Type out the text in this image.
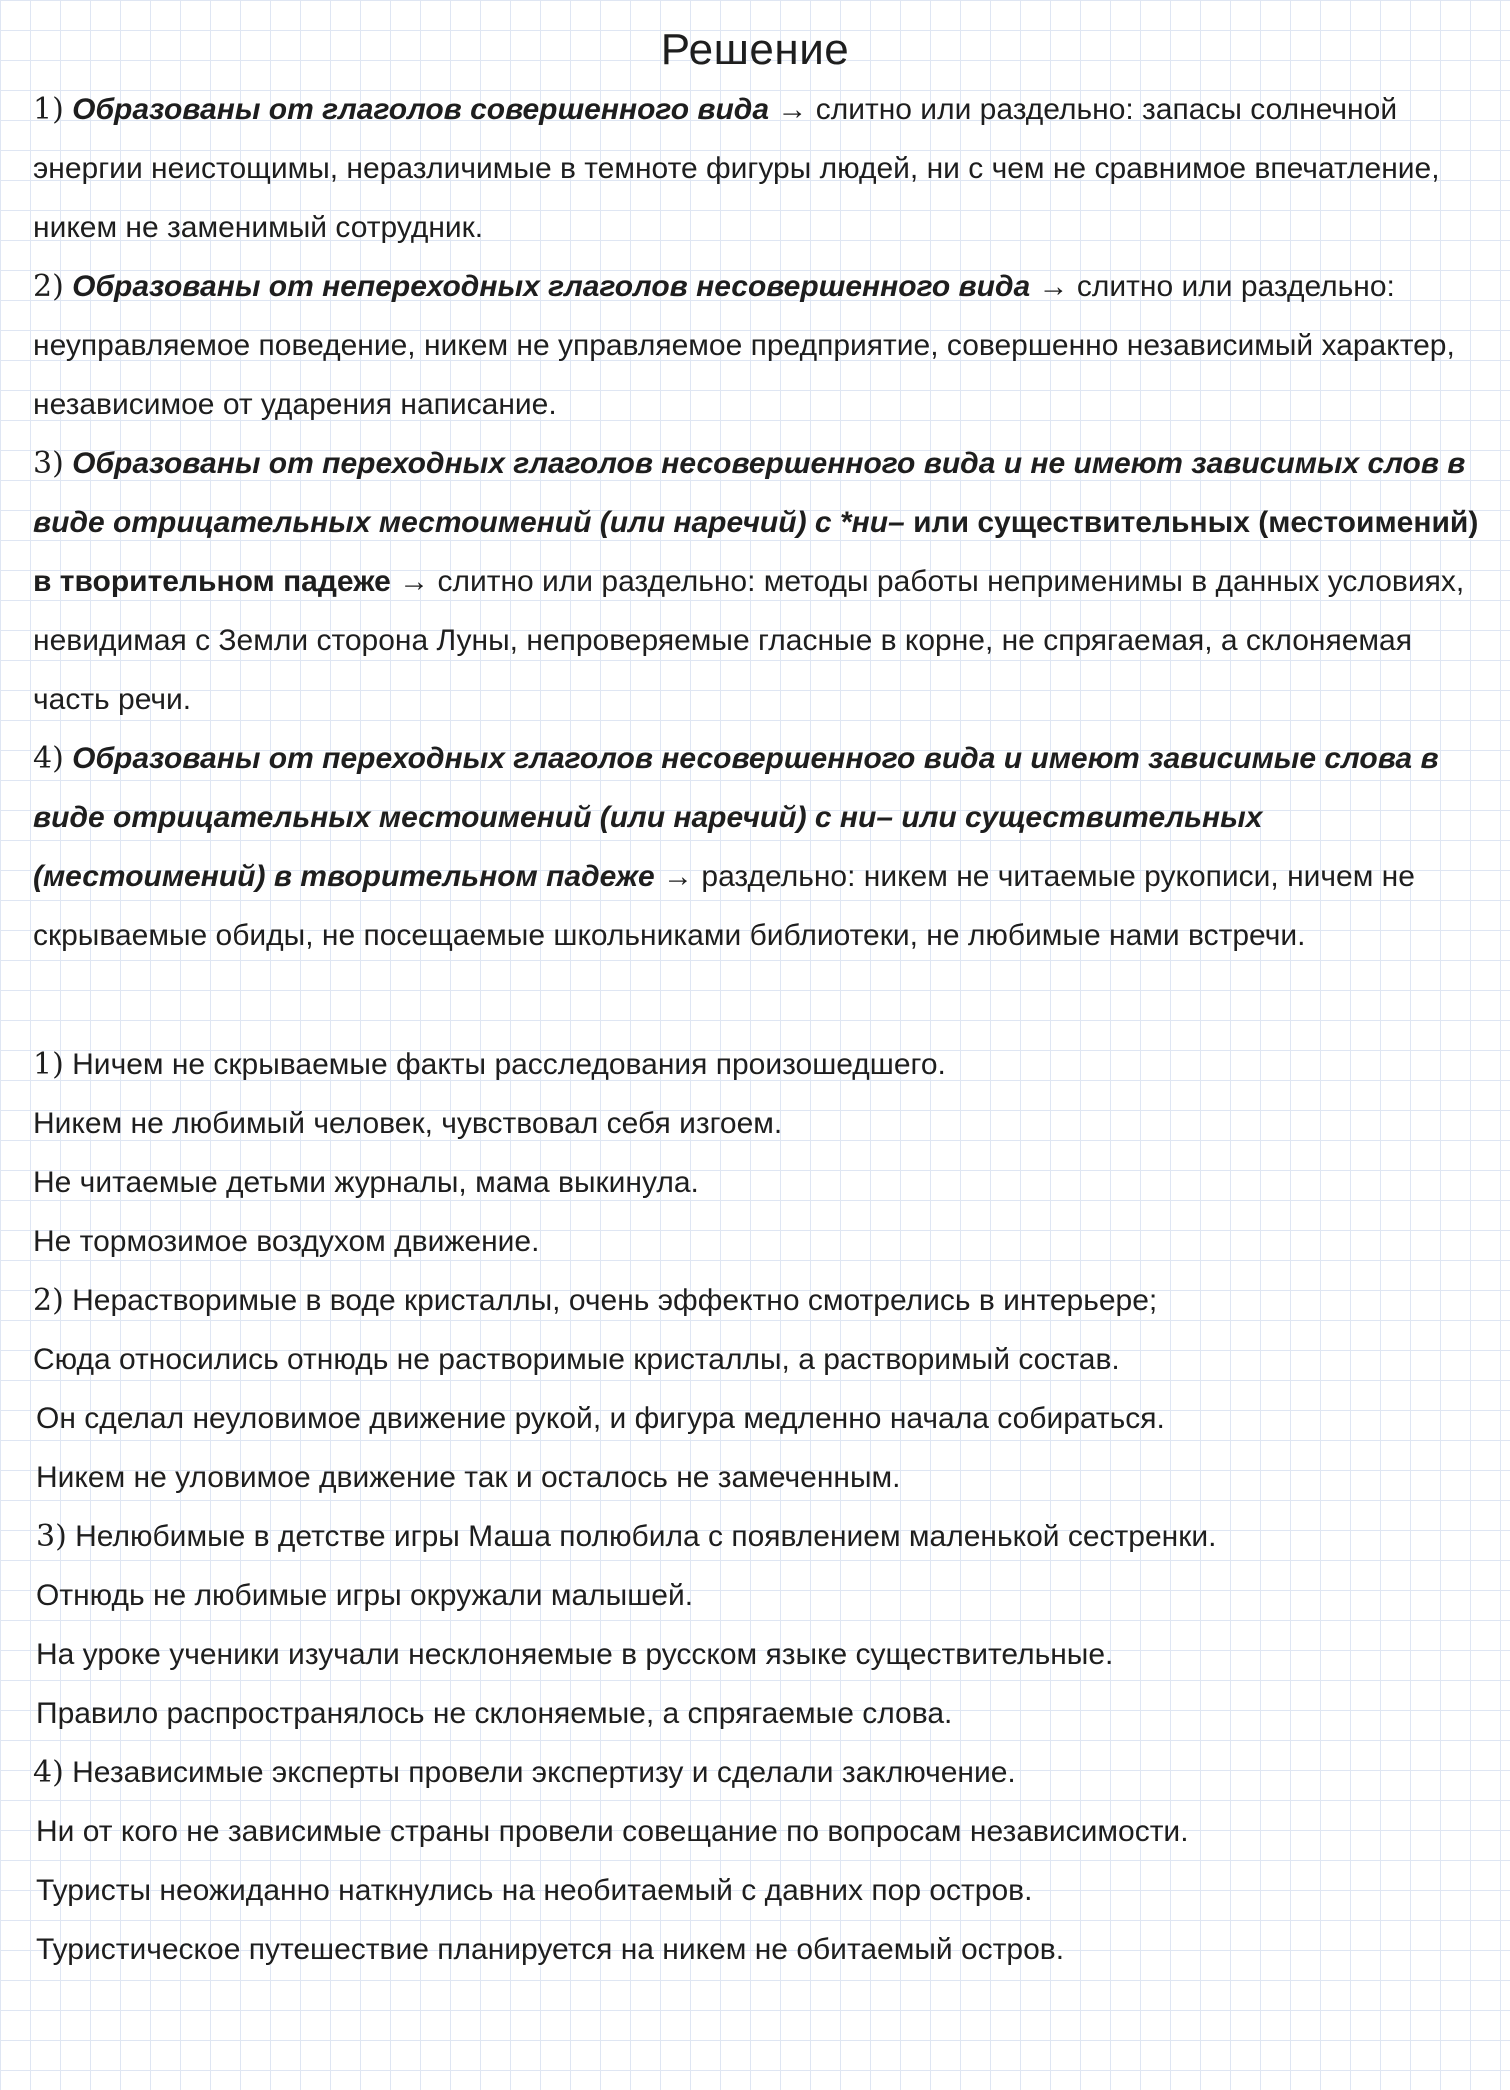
Решение

1) Образованы от глаголов совершенного вида → слитно или раздельно: запасы солнечной энергии неистощимы, неразличимые в темноте фигуры людей, ни с чем не сравнимое впечатление, никем не заменимый сотрудник.

2) Образованы от непереходных глаголов несовершенного вида → слитно или раздельно: неуправляемое поведение, никем не управляемое предприятие, совершенно независимый характер, независимое от ударения написание.

3) Образованы от переходных глаголов несовершенного вида и не имеют зависимых слов в виде отрицательных местоимений (или наречий) с *ни– или существительных (местоимений) в творительном падеже → слитно или раздельно: методы работы неприменимы в данных условиях, невидимая с Земли сторона Луны, непроверяемые гласные в корне, не спрягаемая, а склоняемая часть речи.

4) Образованы от переходных глаголов несовершенного вида и имеют зависимые слова в виде отрицательных местоимений (или наречий) с ни– или существительных (местоимений) в творительном падеже → раздельно: никем не читаемые рукописи, ничем не скрываемые обиды, не посещаемые школьниками библиотеки, не любимые нами встречи.

1) Ничем не скрываемые факты расследования произошедшего.

Никем не любимый человек, чувствовал себя изгоем.

Не читаемые детьми журналы, мама выкинула.

Не тормозимое воздухом движение.

2) Нерастворимые в воде кристаллы, очень эффектно смотрелись в интерьере;

Сюда относились отнюдь не растворимые кристаллы, а растворимый состав.

Он сделал неуловимое движение рукой, и фигура медленно начала собираться.

Никем не уловимое движение так и осталось не замеченным.

3) Нелюбимые в детстве игры Маша полюбила с появлением маленькой сестренки.

Отнюдь не любимые игры окружали малышей.

На уроке ученики изучали несклоняемые в русском языке существительные.

Правило распространялось не склоняемые, а спрягаемые слова.

4) Независимые эксперты провели экспертизу и сделали заключение.

Ни от кого не зависимые страны провели совещание по вопросам независимости.

Туристы неожиданно наткнулись на необитаемый с давних пор остров.

Туристическое путешествие планируется на никем не обитаемый остров.
